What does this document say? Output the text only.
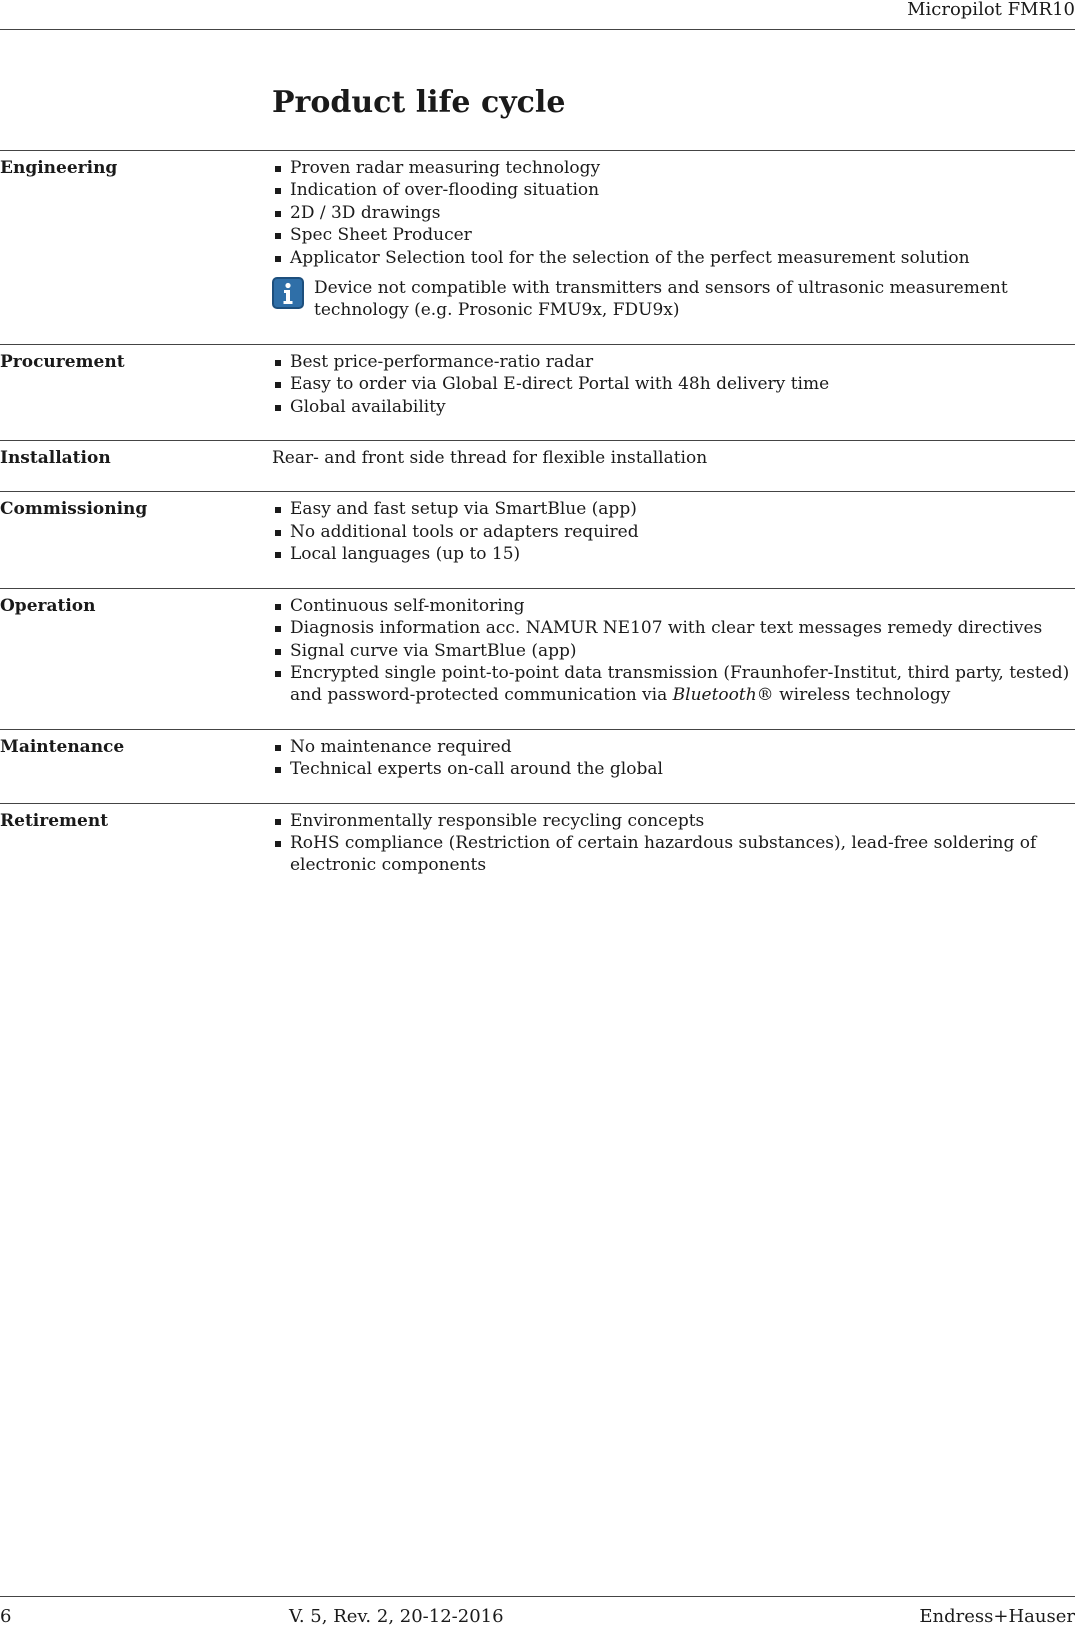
Micropilot FMR10
Product life cycle
Engineering	Proven radar measuring technology
Indication of over-flooding situation
2D / 3D drawings
Spec Sheet Producer
Applicator Selection tool for the selection of the perfect measurement solution
Device not compatible with transmitters and sensors of ultrasonic measurement technology (e.g. Prosonic FMU9x, FDU9x)
Procurement	Best price-performance-ratio radar
Easy to order via Global E-direct Portal with 48h delivery time
Global availability
Installation	Rear- and front side thread for flexible installation

Commissioning	Easy and fast setup via SmartBlue (app)
No additional tools or adapters required
Local languages (up to 15)
Operation	Continuous self-monitoring
Diagnosis information acc. NAMUR NE107 with clear text messages remedy directives
Signal curve via SmartBlue (app)
Encrypted single point-to-point data transmission (Fraunhofer-Institut, third party, tested) and password-protected communication via Bluetooth® wireless technology
Maintenance	No maintenance required
Technical experts on-call around the global
Retirement	Environmentally responsible recycling concepts
RoHS compliance (Restriction of certain hazardous substances), lead-free soldering of electronic components
6	V. 5, Rev. 2, 20-12-2016	Endress+Hauser
